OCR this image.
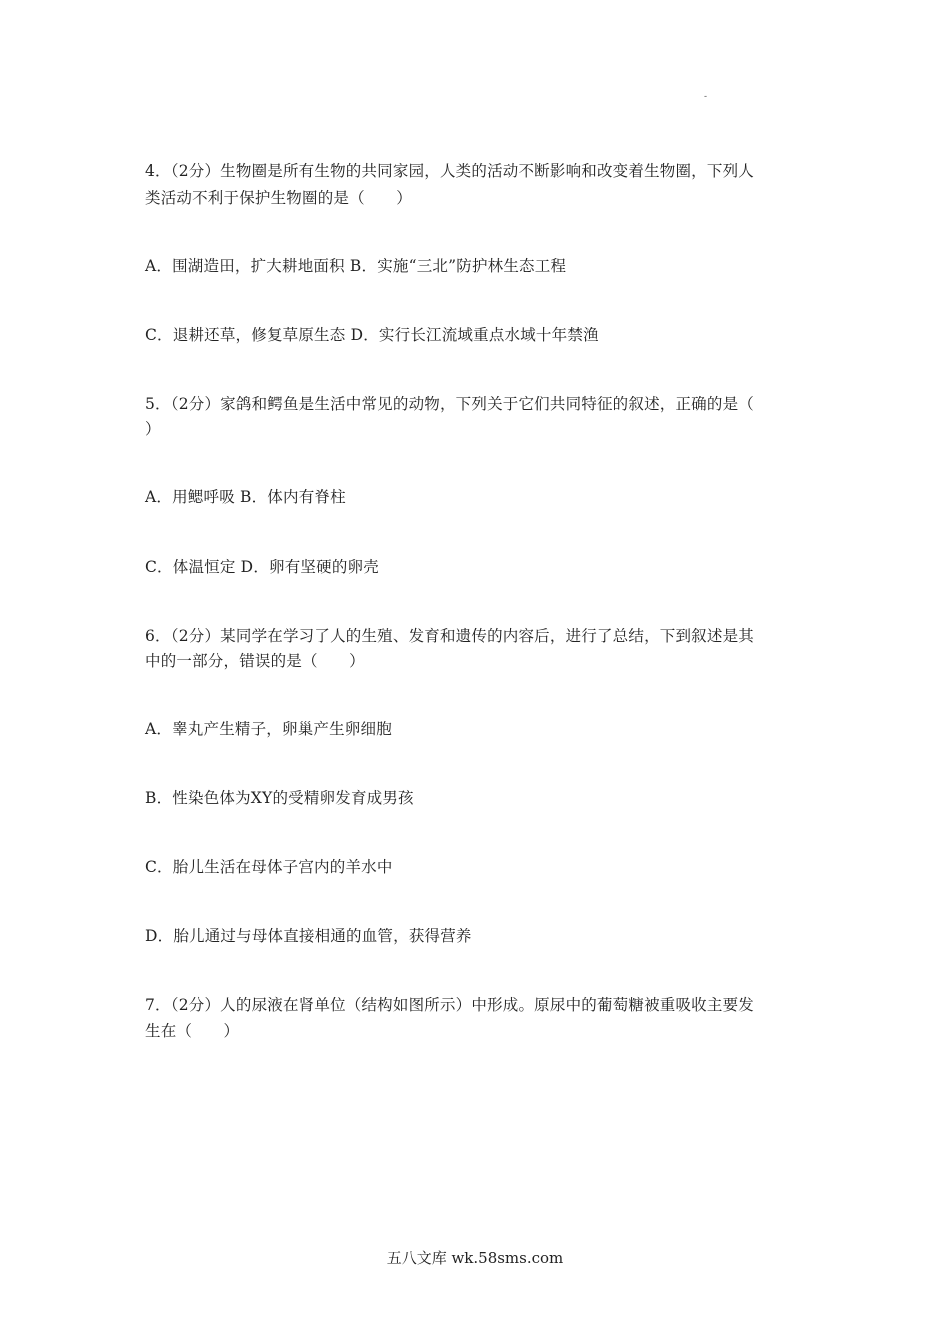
-
4．（2分）生物圈是所有生物的共同家园，人类的活动不断影响和改变着生物圈，下列人
类活动不利于保护生物圈的是（　　）
A．围湖造田，扩大耕地面积 B．实施“三北”防护林生态工程
C．退耕还草，修复草原生态 D．实行长江流域重点水域十年禁渔
5．（2分）家鸽和鳄鱼是生活中常见的动物，下列关于它们共同特征的叙述，正确的是（
）
A．用鳃呼吸 B．体内有脊柱
C．体温恒定 D．卵有坚硬的卵壳
6．（2分）某同学在学习了人的生殖、发育和遗传的内容后，进行了总结，下到叙述是其
中的一部分，错误的是（　　）
A．睾丸产生精子，卵巢产生卵细胞
B．性染色体为XY的受精卵发育成男孩
C．胎儿生活在母体子宫内的羊水中
D．胎儿通过与母体直接相通的血管，获得营养
7．（2分）人的尿液在肾单位（结构如图所示）中形成。原尿中的葡萄糖被重吸收主要发
生在（　　）
五八文库 wk.58sms.com
